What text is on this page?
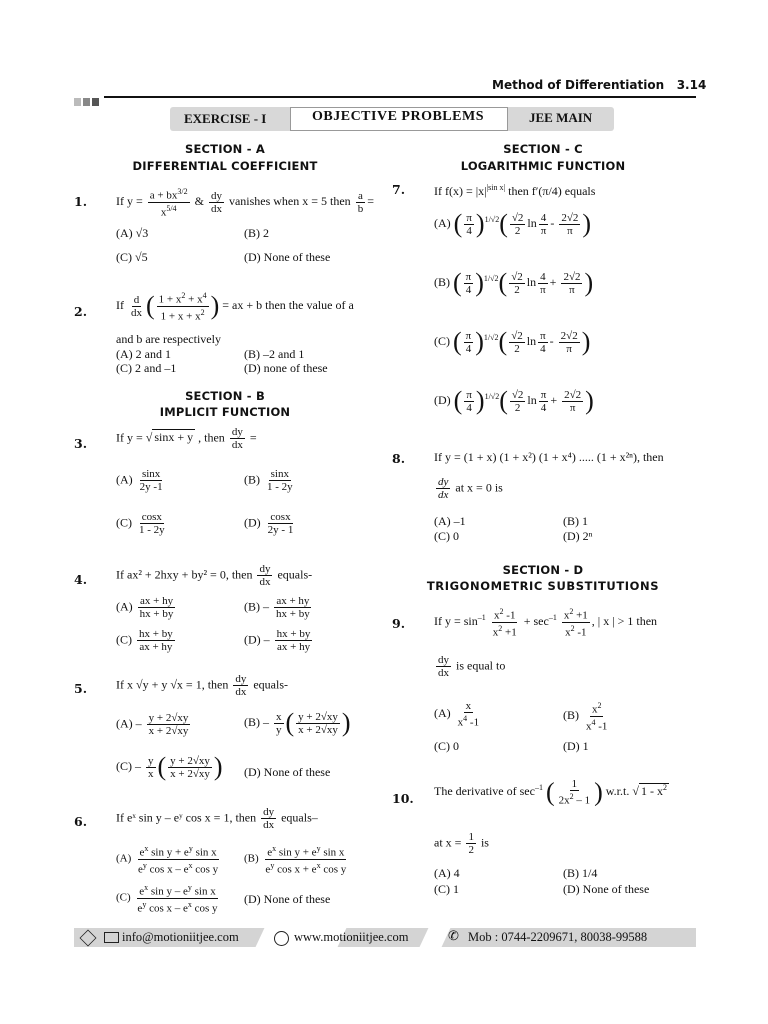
Method of Differentiation 3.14
EXERCISE - I	OBJECTIVE PROBLEMS	JEE MAIN
SECTION - A
DIFFERENTIAL COEFFICIENT
1. If $y = \frac{a + bx^{3/2}}{x^{5/4}}$ & $\frac{dy}{dx}$ vanishes when x = 5 then $\frac{a}{b}$ =
(A) √3	(B) 2
(C) √5	(D) None of these
2. If $\frac{d}{dx}$ ( $\frac{1 + x^2 + x^4}{1 + x + x^2}$ ) = ax + b then the value of a
and b are respectively
(A) 2 and 1	(B) –2 and 1
(C) 2 and –1	(D) none of these
SECTION - B
IMPLICIT FUNCTION
3. If y = √ sinx + y , then $\frac{dy}{dx}$ =
$(A) \frac{\sin x}{2y -1}$	$(B) \frac{\sin x}{1 - 2y}$
$(C) \frac{\cos x}{1 - 2y}$	$(D) \frac{\cos x}{2y - 1}$
4. If ax² + 2hxy + by² = 0, then $\frac{dy}{dx}$ equals-
$(A) \frac{ax + hy}{hx + by}$	$(B) - \frac{ax + hy}{hx + by}$
$(C) \frac{hx + by}{ax + hy}$	$(D) - \frac{hx + by}{ax + hy}$
5. If x √y + y √x = 1, then $\frac{dy}{dx}$ equals-
$(A) - \frac{y + 2√xy}{x + 2√xy}$	$(B) - \frac{x}{y}$ ( $\frac{y + 2√xy}{x + 2√xy}$ )
$(C) - \frac{y}{x}$ ( $\frac{y + 2√xy}{x + 2√xy}$ ) (D) None of these
6. If eˣ sin y – eʸ cos x = 1, then $\frac{dy}{dx}$ equals–
$(A) \frac{e^x \sin y + e^y \sin x}{e^y \cos x - e^x \cos y} (B) \frac{e^x \sin y + e^y \sin x}{e^y \cos x + e^x \cos y}$
$(C) \frac{e^x \sin y - e^y \sin x}{e^y \cos x - e^x \cos y} (D)$ None of these
SECTION - C
LOGARITHMIC FUNCTION
7. If $f(x) = |x|^{|sin x|}$ then f′(π/4) equals
(A) ( $\frac{\pi}{4} )^{1/√2}( \frac{√2}{2}$ $\ln \frac{4}{\pi} - \frac{2√2}{\pi}$ )
(B) ( $\frac{\pi}{4} )^{1/√2}( \frac{√2}{2}$ $\ln \frac{4}{\pi} + \frac{2√2}{\pi}$ )
(C) ( $\frac{\pi}{4} )^{1/√2}( \frac{√2}{2}$ $\ln \frac{\pi}{4} - \frac{2√2}{\pi}$ )
(D) ( $\frac{\pi}{4} )^{1/√2}( \frac{√2}{2}$ $\ln \frac{\pi}{4} + \frac{2√2}{\pi}$ )
8. If y = (1 + x) (1 + x²) (1 + x⁴) ..... (1 + x²ⁿ), then
$\frac{dy}{dx}$ at x = 0 is
(A) –1	(B) 1
(C) 0	(D) 2ⁿ
SECTION - D
TRIGONOMETRIC SUBSTITUTIONS
9. If $y = \sin^{-1} \frac{x^2 -1}{x^2 +1} + \sec^{-1} \frac{x^2 +1}{x^2 -1}$ , | x | > 1 then
$\frac{dy}{dx}$ is equal to
$(A) \frac{x}{x^4 -1}$	$(B) \frac{x^2}{x^4 -1}$
(C) 0	(D) 1
10. The derivative of $\sec^{-1}$ ( $\frac{1}{2x^2 - 1}$ ) w.r.t. √ $1 - x^2$
at $x = \frac{1}{2}$ is
(A) 4	(B) 1/4
(C) 1	(D) None of these
info@motioniitjee.com	www.motioniitjee.com	✆ Mob : 0744-2209671, 80038-99588
